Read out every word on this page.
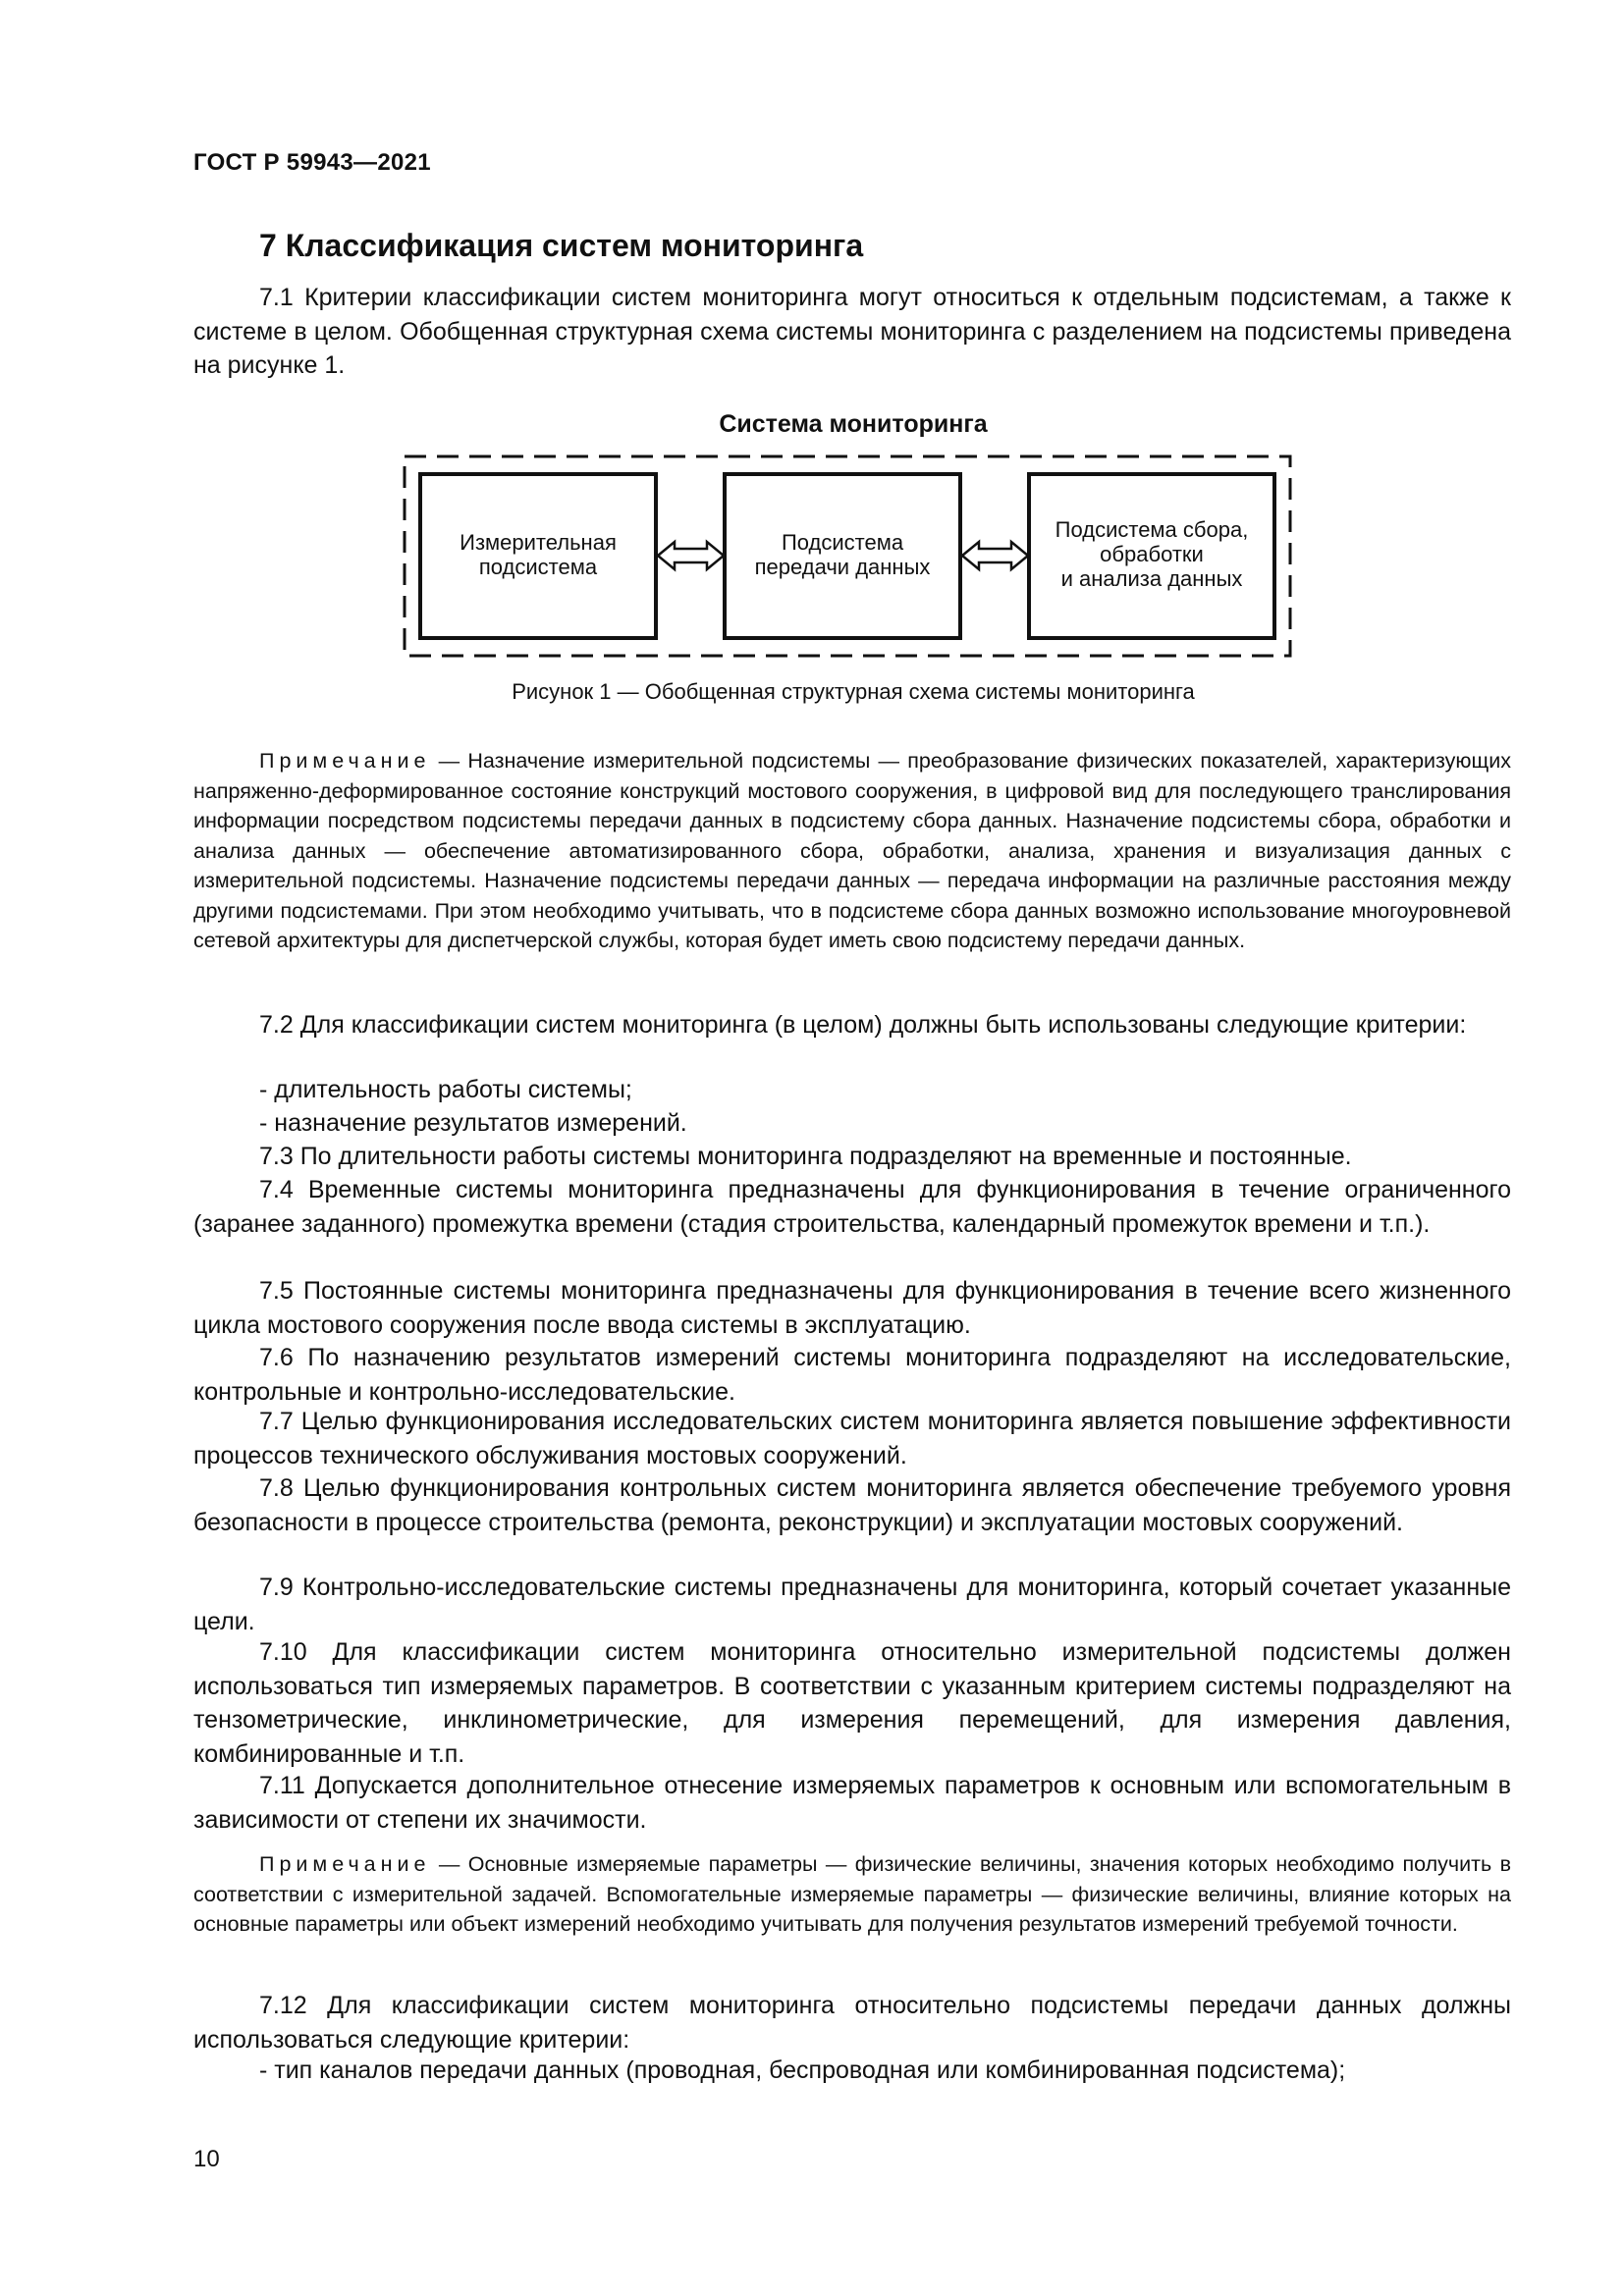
ГОСТ Р 59943—2021
7 Классификация систем мониторинга

7.1 Критерии классификации систем мониторинга могут относиться к отдельным подсистемам, а также к системе в целом. Обобщенная структурная схема системы мониторинга с разделением на подсистемы приведена на рисунке 1.

Система мониторинга
Измерительная
подсистема
Подсистема
передачи данных
Подсистема сбора,
обработки
и анализа данных
Рисунок 1 — Обобщенная структурная схема системы мониторинга

Примечание — Назначение измерительной подсистемы — преобразование физических показателей, характеризующих напряженно-деформированное состояние конструкций мостового сооружения, в цифровой вид для последующего транслирования информации посредством подсистемы передачи данных в подсистему сбора данных. Назначение подсистемы сбора, обработки и анализа данных — обеспечение автоматизированного сбора, обработки, анализа, хранения и визуализация данных с измерительной подсистемы. Назначение подсистемы передачи данных — передача информации на различные расстояния между другими подсистемами. При этом необходимо учитывать, что в подсистеме сбора данных возможно использование многоуровневой сетевой архитектуры для диспетчерской службы, которая будет иметь свою подсистему передачи данных.

7.2 Для классификации систем мониторинга (в целом) должны быть использованы следующие критерии:

- длительность работы системы;
- назначение результатов измерений.

7.3 По длительности работы системы мониторинга подразделяют на временные и постоянные.

7.4 Временные системы мониторинга предназначены для функционирования в течение ограниченного (заранее заданного) промежутка времени (стадия строительства, календарный промежуток времени и т.п.).

7.5 Постоянные системы мониторинга предназначены для функционирования в течение всего жизненного цикла мостового сооружения после ввода системы в эксплуатацию.

7.6 По назначению результатов измерений системы мониторинга подразделяют на исследовательские, контрольные и контрольно-исследовательские.

7.7 Целью функционирования исследовательских систем мониторинга является повышение эффективности процессов технического обслуживания мостовых сооружений.

7.8 Целью функционирования контрольных систем мониторинга является обеспечение требуемого уровня безопасности в процессе строительства (ремонта, реконструкции) и эксплуатации мостовых сооружений.

7.9 Контрольно-исследовательские системы предназначены для мониторинга, который сочетает указанные цели.

7.10 Для классификации систем мониторинга относительно измерительной подсистемы должен использоваться тип измеряемых параметров. В соответствии с указанным критерием системы подразделяют на тензометрические, инклинометрические, для измерения перемещений, для измерения давления, комбинированные и т.п.

7.11 Допускается дополнительное отнесение измеряемых параметров к основным или вспомогательным в зависимости от степени их значимости.

Примечание — Основные измеряемые параметры — физические величины, значения которых необходимо получить в соответствии с измерительной задачей. Вспомогательные измеряемые параметры — физические величины, влияние которых на основные параметры или объект измерений необходимо учитывать для получения результатов измерений требуемой точности.

7.12 Для классификации систем мониторинга относительно подсистемы передачи данных должны использоваться следующие критерии:

- тип каналов передачи данных (проводная, беспроводная или комбинированная подсистема);
10
